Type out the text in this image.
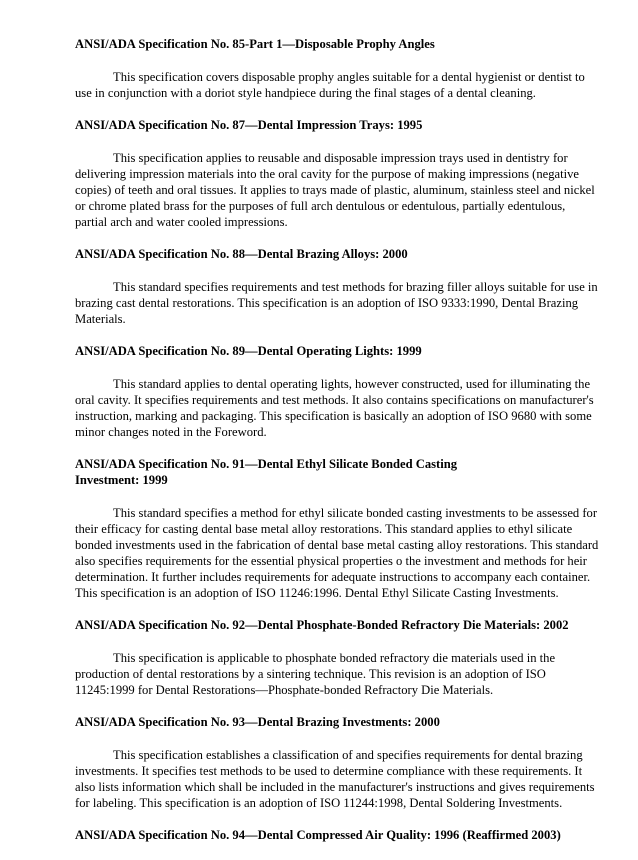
ANSI/ADA Specification No. 85-Part 1—Disposable Prophy Angles

This specification covers disposable prophy angles suitable for a dental hygienist or dentist to use in conjunction with a doriot style handpiece during the final stages of a dental cleaning.

ANSI/ADA Specification No. 87—Dental Impression Trays: 1995

This specification applies to reusable and disposable impression trays used in dentistry for delivering impression materials into the oral cavity for the purpose of making impressions (negative copies) of teeth and oral tissues. It applies to trays made of plastic, aluminum, stainless steel and nickel or chrome plated brass for the purposes of full arch dentulous or edentulous, partially edentulous, partial arch and water cooled impressions.

ANSI/ADA Specification No. 88—Dental Brazing Alloys: 2000

This standard specifies requirements and test methods for brazing filler alloys suitable for use in brazing cast dental restorations. This specification is an adoption of ISO 9333:1990, Dental Brazing Materials.

ANSI/ADA Specification No. 89—Dental Operating Lights: 1999

This standard applies to dental operating lights, however constructed, used for illuminating the oral cavity. It specifies requirements and test methods. It also contains specifications on manufacturer's instruction, marking and packaging. This specification is basically an adoption of ISO 9680 with some minor changes noted in the Foreword.

ANSI/ADA Specification No. 91—Dental Ethyl Silicate Bonded Casting
Investment: 1999

This standard specifies a method for ethyl silicate bonded casting investments to be assessed for their efficacy for casting dental base metal alloy restorations. This standard applies to ethyl silicate bonded investments used in the fabrication of dental base metal casting alloy restorations. This standard also specifies requirements for the essential physical properties o the investment and methods for heir determination. It further includes requirements for adequate instructions to accompany each container. This specification is an adoption of ISO 11246:1996. Dental Ethyl Silicate Casting Investments.

ANSI/ADA Specification No. 92—Dental Phosphate-Bonded Refractory Die Materials: 2002

This specification is applicable to phosphate bonded refractory die materials used in the production of dental restorations by a sintering technique. This revision is an adoption of ISO 11245:1999 for Dental Restorations—Phosphate-bonded Refractory Die Materials.

ANSI/ADA Specification No. 93—Dental Brazing Investments: 2000

This specification establishes a classification of and specifies requirements for dental brazing investments. It specifies test methods to be used to determine compliance with these requirements. It also lists information which shall be included in the manufacturer's instructions and gives requirements for labeling. This specification is an adoption of ISO 11244:1998, Dental Soldering Investments.

ANSI/ADA Specification No. 94—Dental Compressed Air Quality: 1996 (Reaffirmed 2003)
